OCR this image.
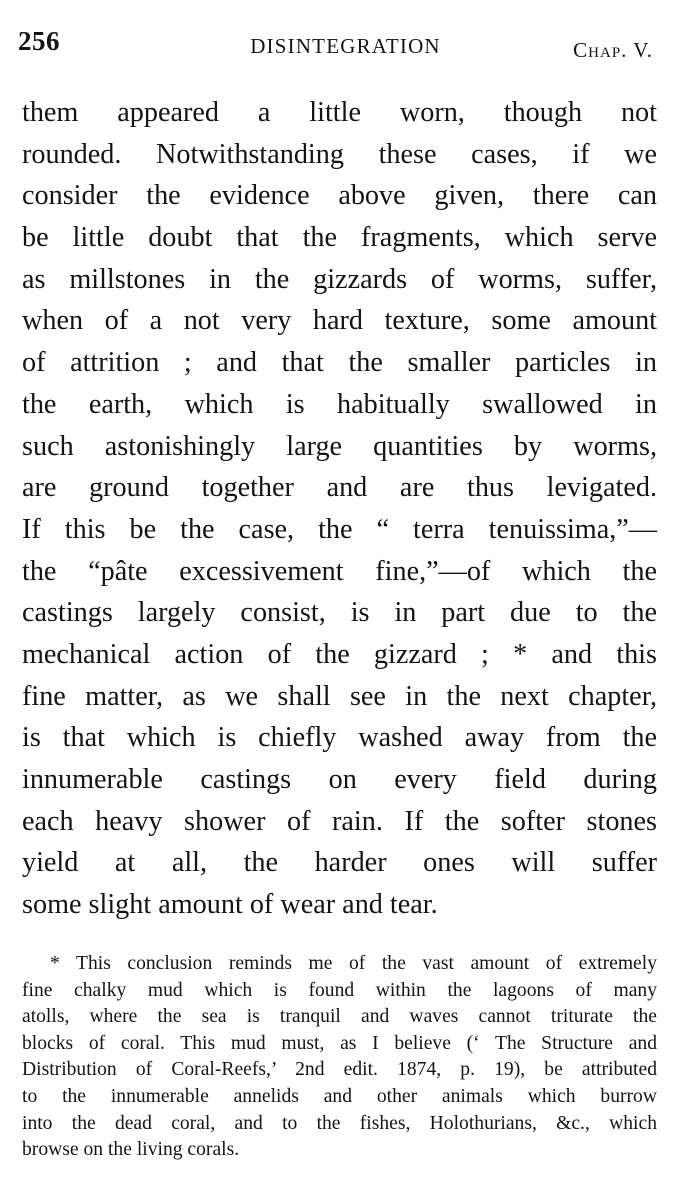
256	DISINTEGRATION	Chap. V.
them appeared a little worn, though not
rounded. Notwithstanding these cases, if we
consider the evidence above given, there can
be little doubt that the fragments, which serve
as millstones in the gizzards of worms, suffer,
when of a not very hard texture, some amount
of attrition ; and that the smaller particles in
the earth, which is habitually swallowed in
such astonishingly large quantities by worms,
are ground together and are thus levigated.
If this be the case, the “ terra tenuissima,”—
the “pâte excessivement fine,”—of which the
castings largely consist, is in part due to the
mechanical action of the gizzard ; * and this
fine matter, as we shall see in the next chapter,
is that which is chiefly washed away from the
innumerable castings on every field during
each heavy shower of rain. If the softer stones
yield at all, the harder ones will suffer
some slight amount of wear and tear.
* This conclusion reminds me of the vast amount of extremely
fine chalky mud which is found within the lagoons of many
atolls, where the sea is tranquil and waves cannot triturate the
blocks of coral. This mud must, as I believe (‘ The Structure and
Distribution of Coral-Reefs,’ 2nd edit. 1874, p. 19), be attributed
to the innumerable annelids and other animals which burrow
into the dead coral, and to the fishes, Holothurians, &c., which
browse on the living corals.
